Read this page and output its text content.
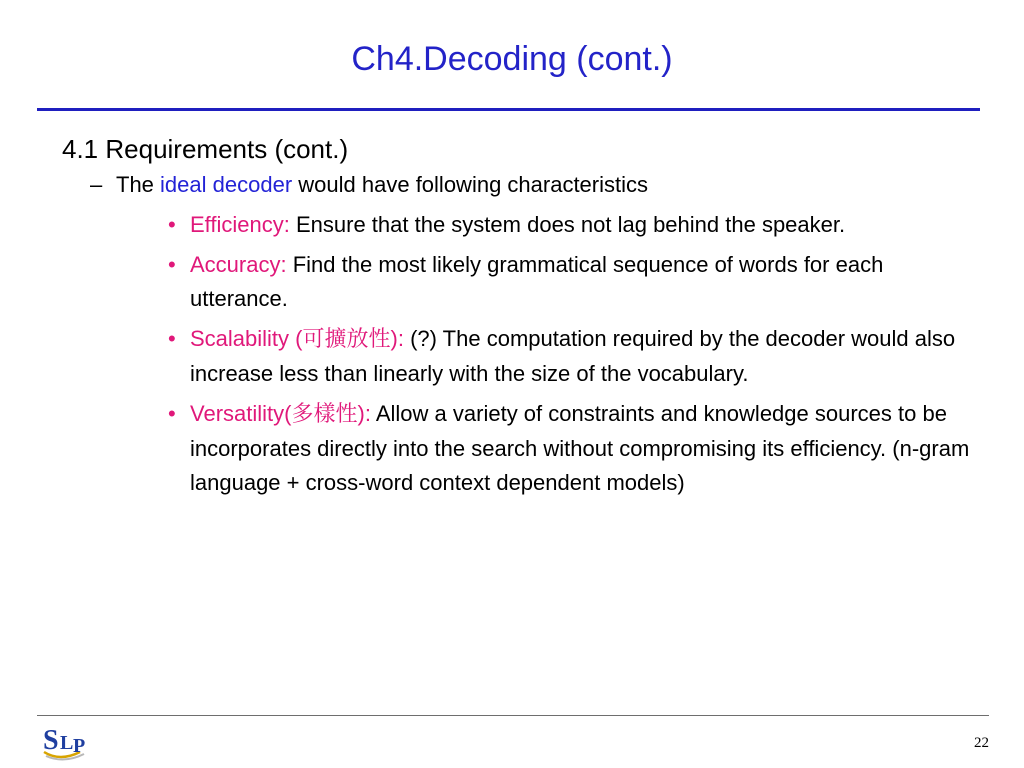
Ch4.Decoding (cont.)
4.1 Requirements (cont.)
– The ideal decoder would have following characteristics
• Efficiency: Ensure that the system does not lag behind the speaker.
• Accuracy: Find the most likely grammatical sequence of words for each utterance.
• Scalability (可擴放性): (?) The computation required by the decoder would also increase less than linearly with the size of the vocabulary.
• Versatility(多樣性): Allow a variety of constraints and knowledge sources to be incorporates directly into the search without compromising its efficiency. (n-gram language + cross-word context dependent models)
S L P	22
